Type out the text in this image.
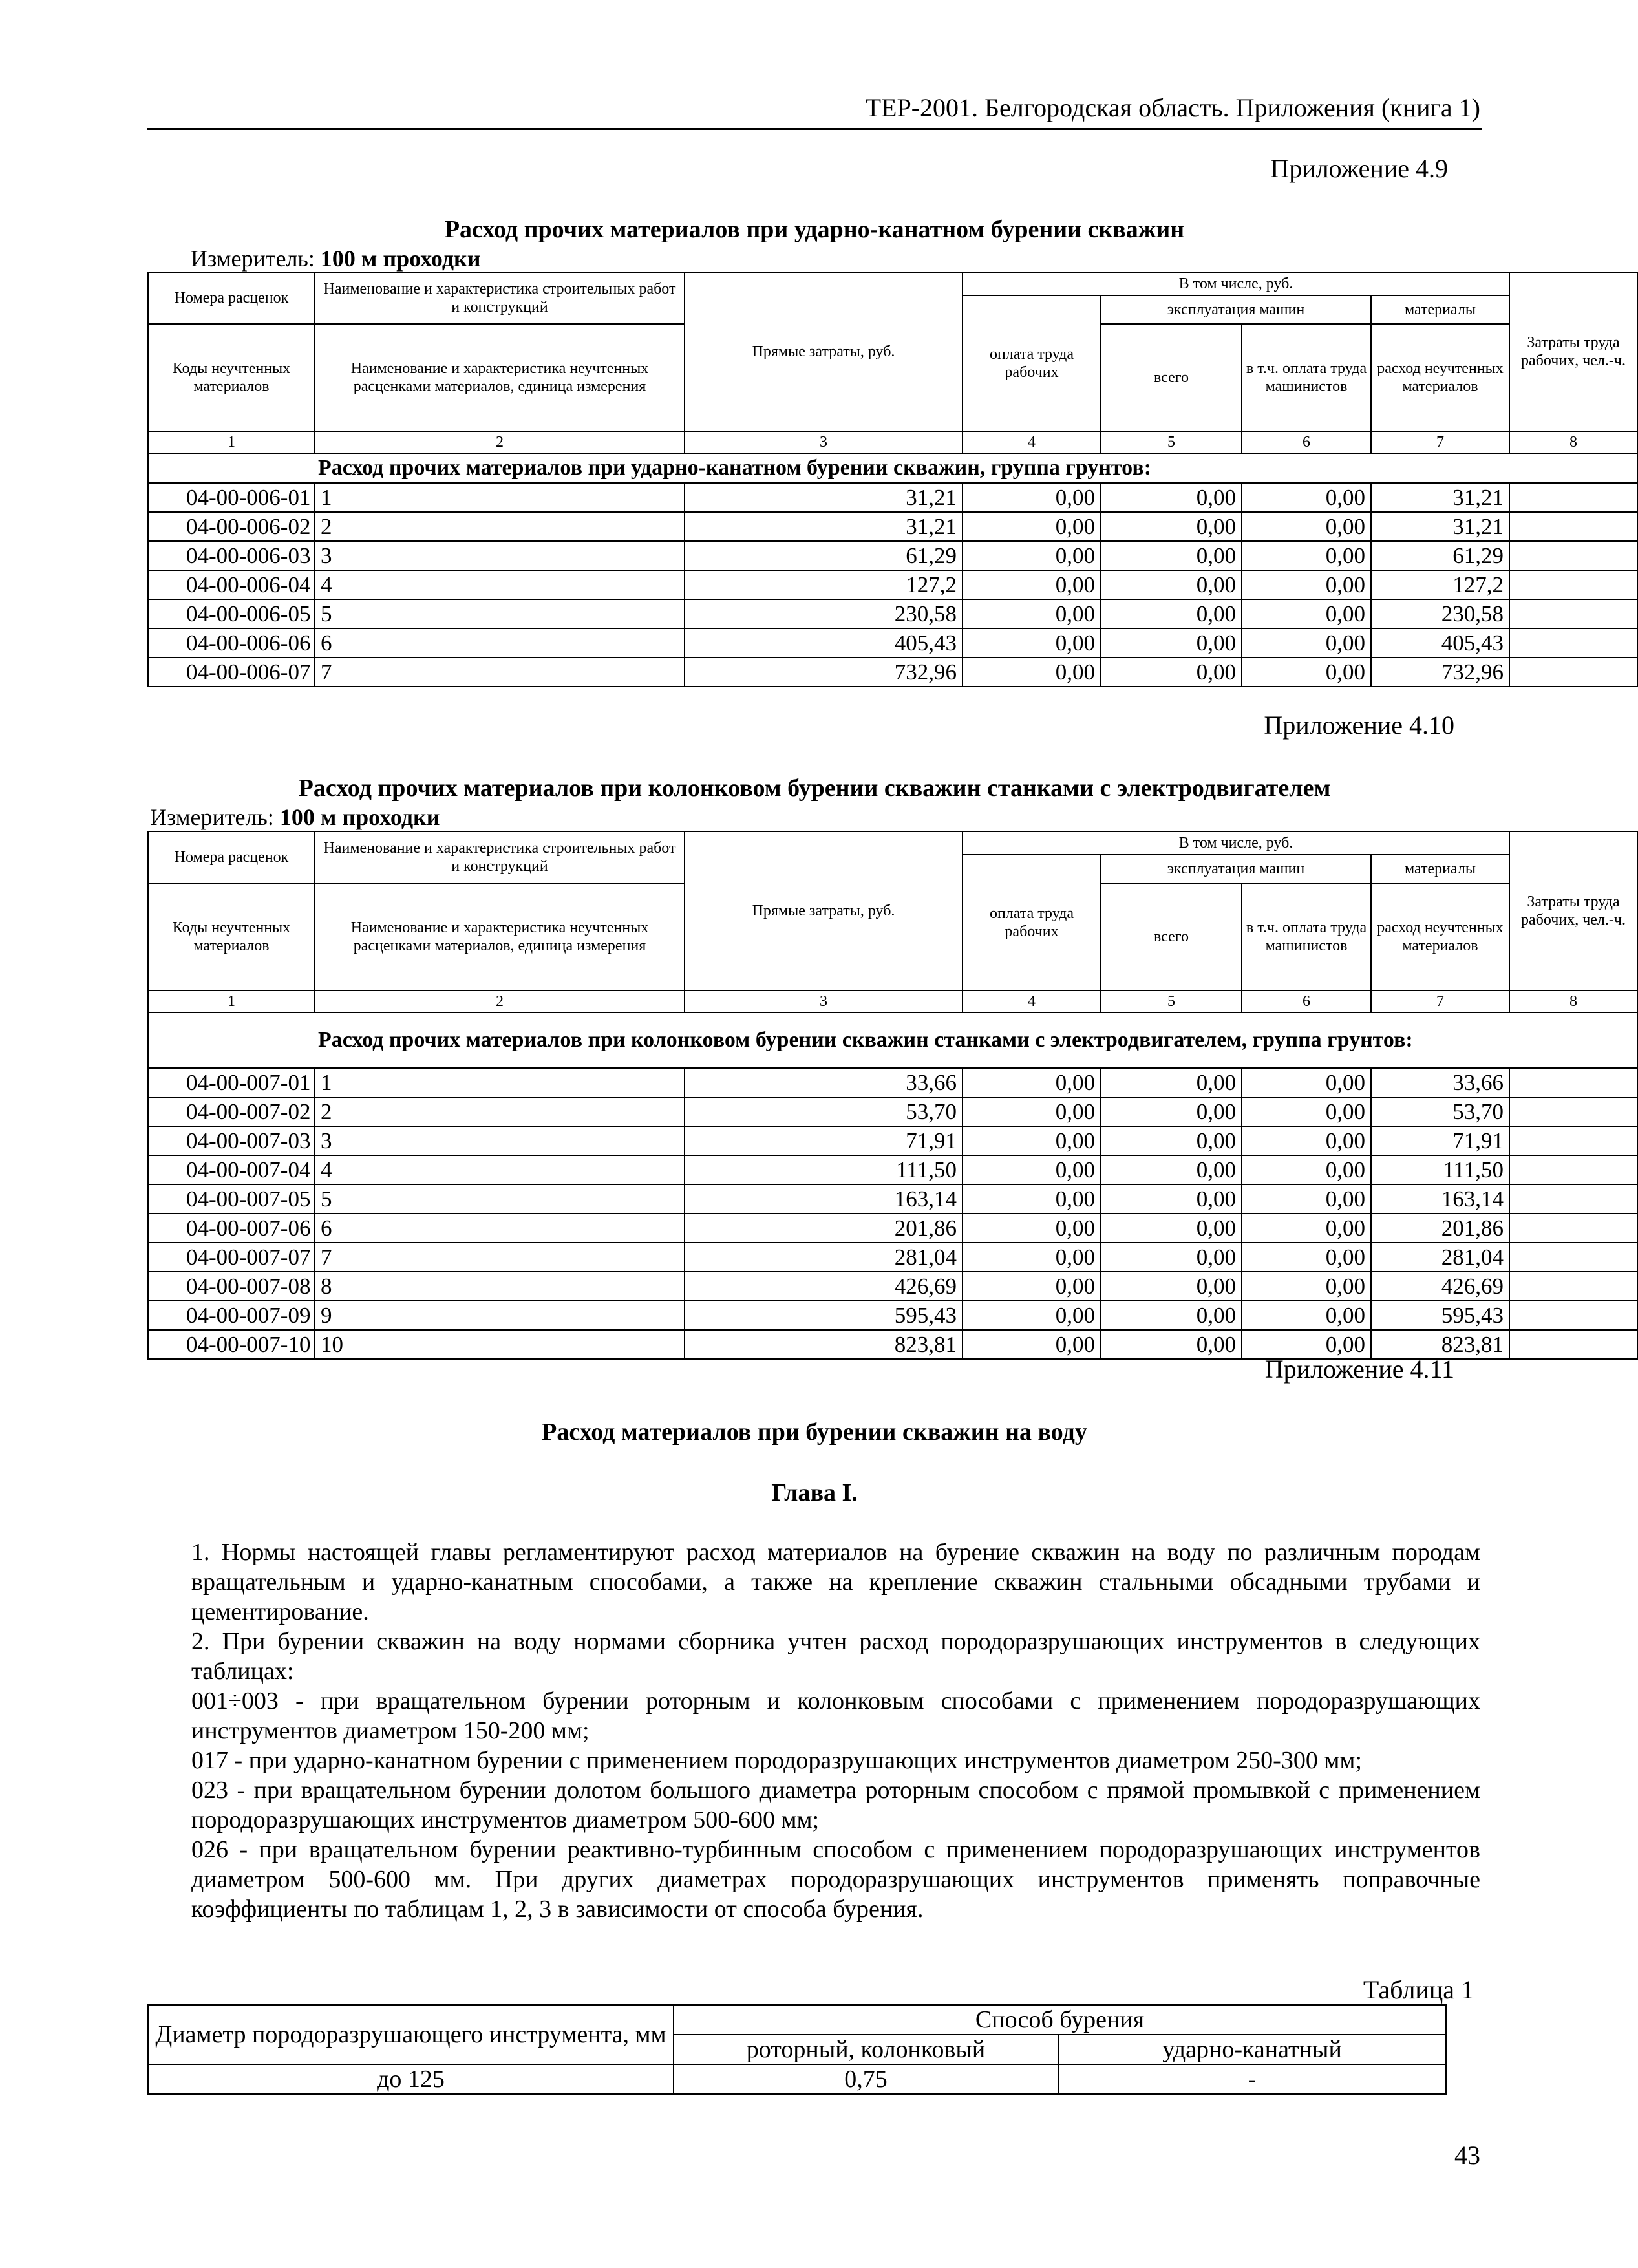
ТЕР-2001. Белгородская область. Приложения (книга 1)
Приложение 4.9
Расход прочих материалов при ударно-канатном бурении скважин
Измеритель: 100 м проходки
Номера расценок	Наименование и характеристика строительных работ и конструкций	Прямые затраты, руб.	В том числе, руб.				Затраты труда рабочих, чел.-ч.
			оплата труда рабочих	эксплуатация машин		материалы	
Коды неучтенных материалов	Наименование и характеристика неучтенных расценками материалов, единица измерения			всего	в т.ч. оплата труда машинистов	расход неучтенных материалов	

1	2	3	4	5	6	7	8
Расход прочих материалов при ударно-канатном бурении скважин, группа грунтов:							
04-00-006-01	1	31,21	0,00	0,00	0,00	31,21	
04-00-006-02	2	31,21	0,00	0,00	0,00	31,21	
04-00-006-03	3	61,29	0,00	0,00	0,00	61,29	
04-00-006-04	4	127,2	0,00	0,00	0,00	127,2	
04-00-006-05	5	230,58	0,00	0,00	0,00	230,58	
04-00-006-06	6	405,43	0,00	0,00	0,00	405,43	
04-00-006-07	7	732,96	0,00	0,00	0,00	732,96	
Приложение 4.10
Расход прочих материалов при колонковом бурении скважин станками с электродвигателем
Измеритель: 100 м проходки
Номера расценок	Наименование и характеристика строительных работ и конструкций	Прямые затраты, руб.	В том числе, руб.				Затраты труда рабочих, чел.-ч.
			оплата труда рабочих	эксплуатация машин		материалы	
Коды неучтенных материалов	Наименование и характеристика неучтенных расценками материалов, единица измерения			всего	в т.ч. оплата труда машинистов	расход неучтенных материалов	

1	2	3	4	5	6	7	8
Расход прочих материалов при колонковом бурении скважин станками с электродвигателем, группа грунтов:							
04-00-007-01	1	33,66	0,00	0,00	0,00	33,66	
04-00-007-02	2	53,70	0,00	0,00	0,00	53,70	
04-00-007-03	3	71,91	0,00	0,00	0,00	71,91	
04-00-007-04	4	111,50	0,00	0,00	0,00	111,50	
04-00-007-05	5	163,14	0,00	0,00	0,00	163,14	
04-00-007-06	6	201,86	0,00	0,00	0,00	201,86	
04-00-007-07	7	281,04	0,00	0,00	0,00	281,04	
04-00-007-08	8	426,69	0,00	0,00	0,00	426,69	
04-00-007-09	9	595,43	0,00	0,00	0,00	595,43	
04-00-007-10	10	823,81	0,00	0,00	0,00	823,81	
Приложение 4.11
Расход материалов при бурении скважин на воду
Глава I.
1. Нормы настоящей главы регламентируют расход материалов на бурение скважин на воду по различным породам вращательным и ударно-канатным способами, а также на крепление скважин стальными обсадными трубами и цементирование.
2. При бурении скважин на воду нормами сборника учтен расход породоразрушающих инструментов в следующих таблицах:
001÷003 - при вращательном бурении роторным и колонковым способами с применением породоразрушающих инструментов диаметром 150-200 мм;
017 - при ударно-канатном бурении с применением породоразрушающих инструментов диаметром 250-300 мм;
023 - при вращательном бурении долотом большого диаметра роторным способом с прямой промывкой с применением породоразрушающих инструментов диаметром 500-600 мм;
026 - при вращательном бурении реактивно-турбинным способом с применением породоразрушающих инструментов диаметром 500-600 мм. При других диаметрах породоразрушающих инструментов применять поправочные коэффициенты по таблицам 1, 2, 3 в зависимости от способа бурения.
Таблица 1
Диаметр породоразрушающего инструмента, мм	Способ бурения	
	роторный, колонковый	ударно-канатный
до 125	0,75	-
43
